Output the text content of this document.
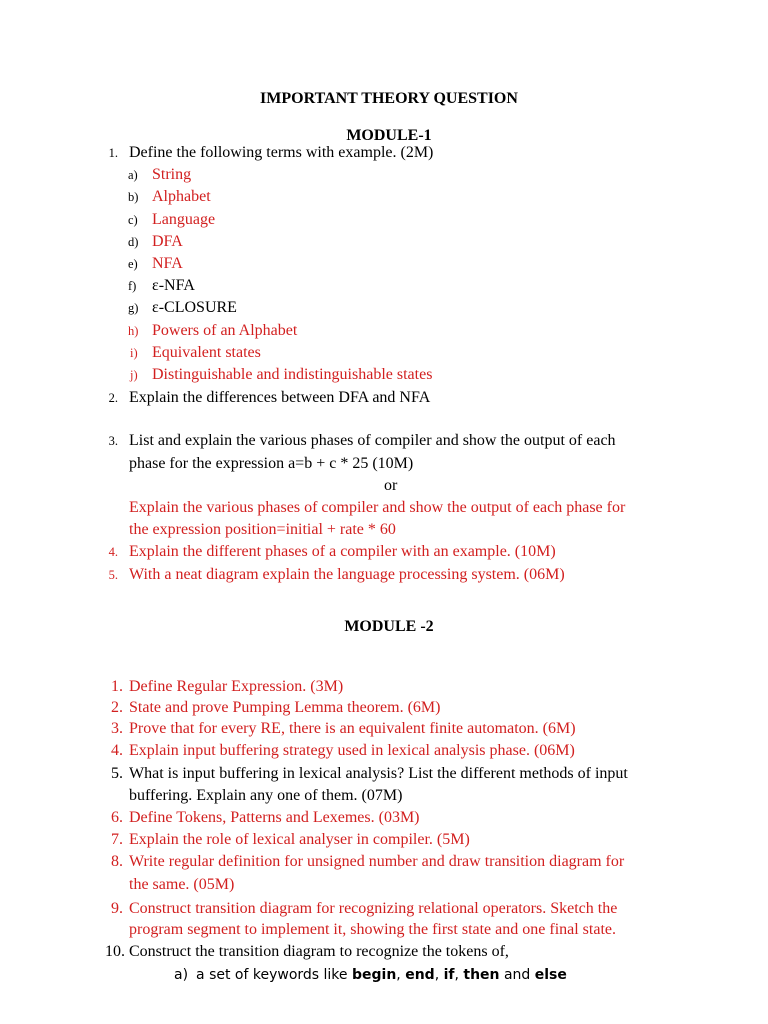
IMPORTANT THEORY QUESTION
MODULE-1
1. Define the following terms with example. (2M)
a) String
b) Alphabet
c) Language
d) DFA
e) NFA
f) ε-NFA
g) ε-CLOSURE
h) Powers of an Alphabet
i) Equivalent states
j) Distinguishable and indistinguishable states
2. Explain the differences between DFA and NFA
3. List and explain the various phases of compiler and show the output of each
phase for the expression a=b + c * 25 (10M)
or
Explain the various phases of compiler and show the output of each phase for
the expression position=initial + rate * 60
4. Explain the different phases of a compiler with an example. (10M)
5. With a neat diagram explain the language processing system. (06M)
MODULE -2
1. Define Regular Expression. (3M)
2. State and prove Pumping Lemma theorem. (6M)
3. Prove that for every RE, there is an equivalent finite automaton. (6M)
4. Explain input buffering strategy used in lexical analysis phase. (06M)
5. What is input buffering in lexical analysis? List the different methods of input
buffering. Explain any one of them. (07M)
6. Define Tokens, Patterns and Lexemes. (03M)
7. Explain the role of lexical analyser in compiler. (5M)
8. Write regular definition for unsigned number and draw transition diagram for
the same. (05M)
9. Construct transition diagram for recognizing relational operators. Sketch the
program segment to implement it, showing the first state and one final state.
10. Construct the transition diagram to recognize the tokens of,
a) a set of keywords like begin, end, if, then and else
